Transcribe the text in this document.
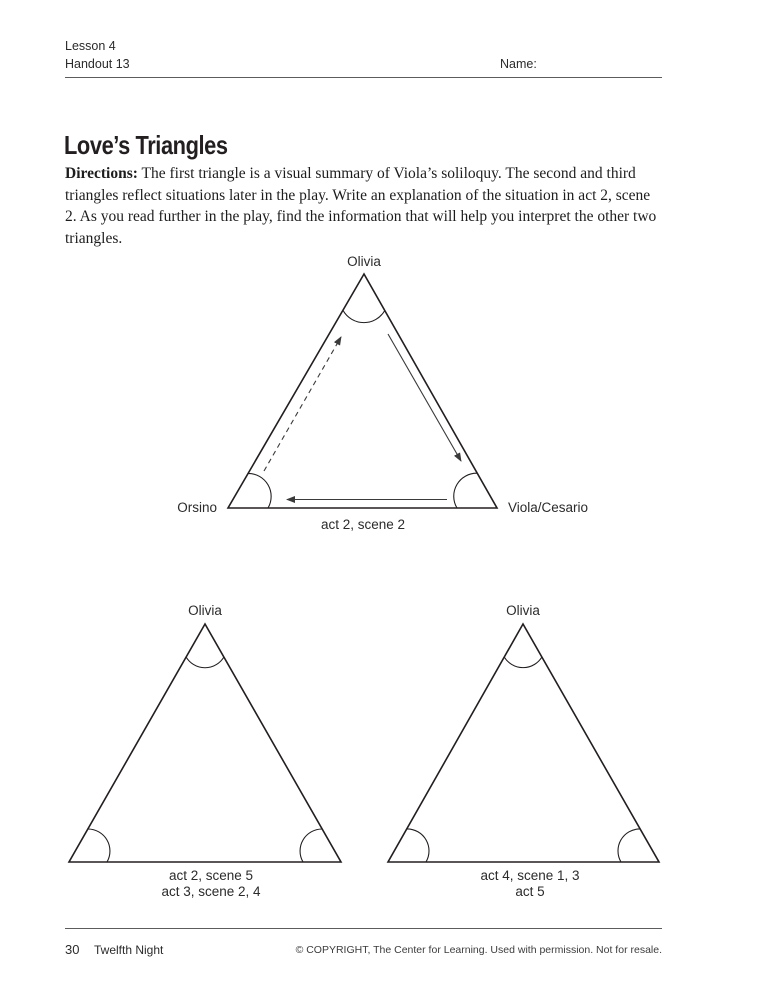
Lesson 4
Handout 13	Name:
Love’s Triangles
Directions: The first triangle is a visual summary of Viola’s soliloquy. The second and third triangles reflect situations later in the play. Write an explanation of the situation in act 2, scene 2. As you read further in the play, find the information that will help you interpret the other two triangles.
Olivia
Orsino	Viola/Cesario
act 2, scene 2
Olivia
act 2, scene 5
act 3, scene 2, 4
Olivia
act 4, scene 1, 3
act 5
30 Twelfth Night	© COPYRIGHT, The Center for Learning. Used with permission. Not for resale.
